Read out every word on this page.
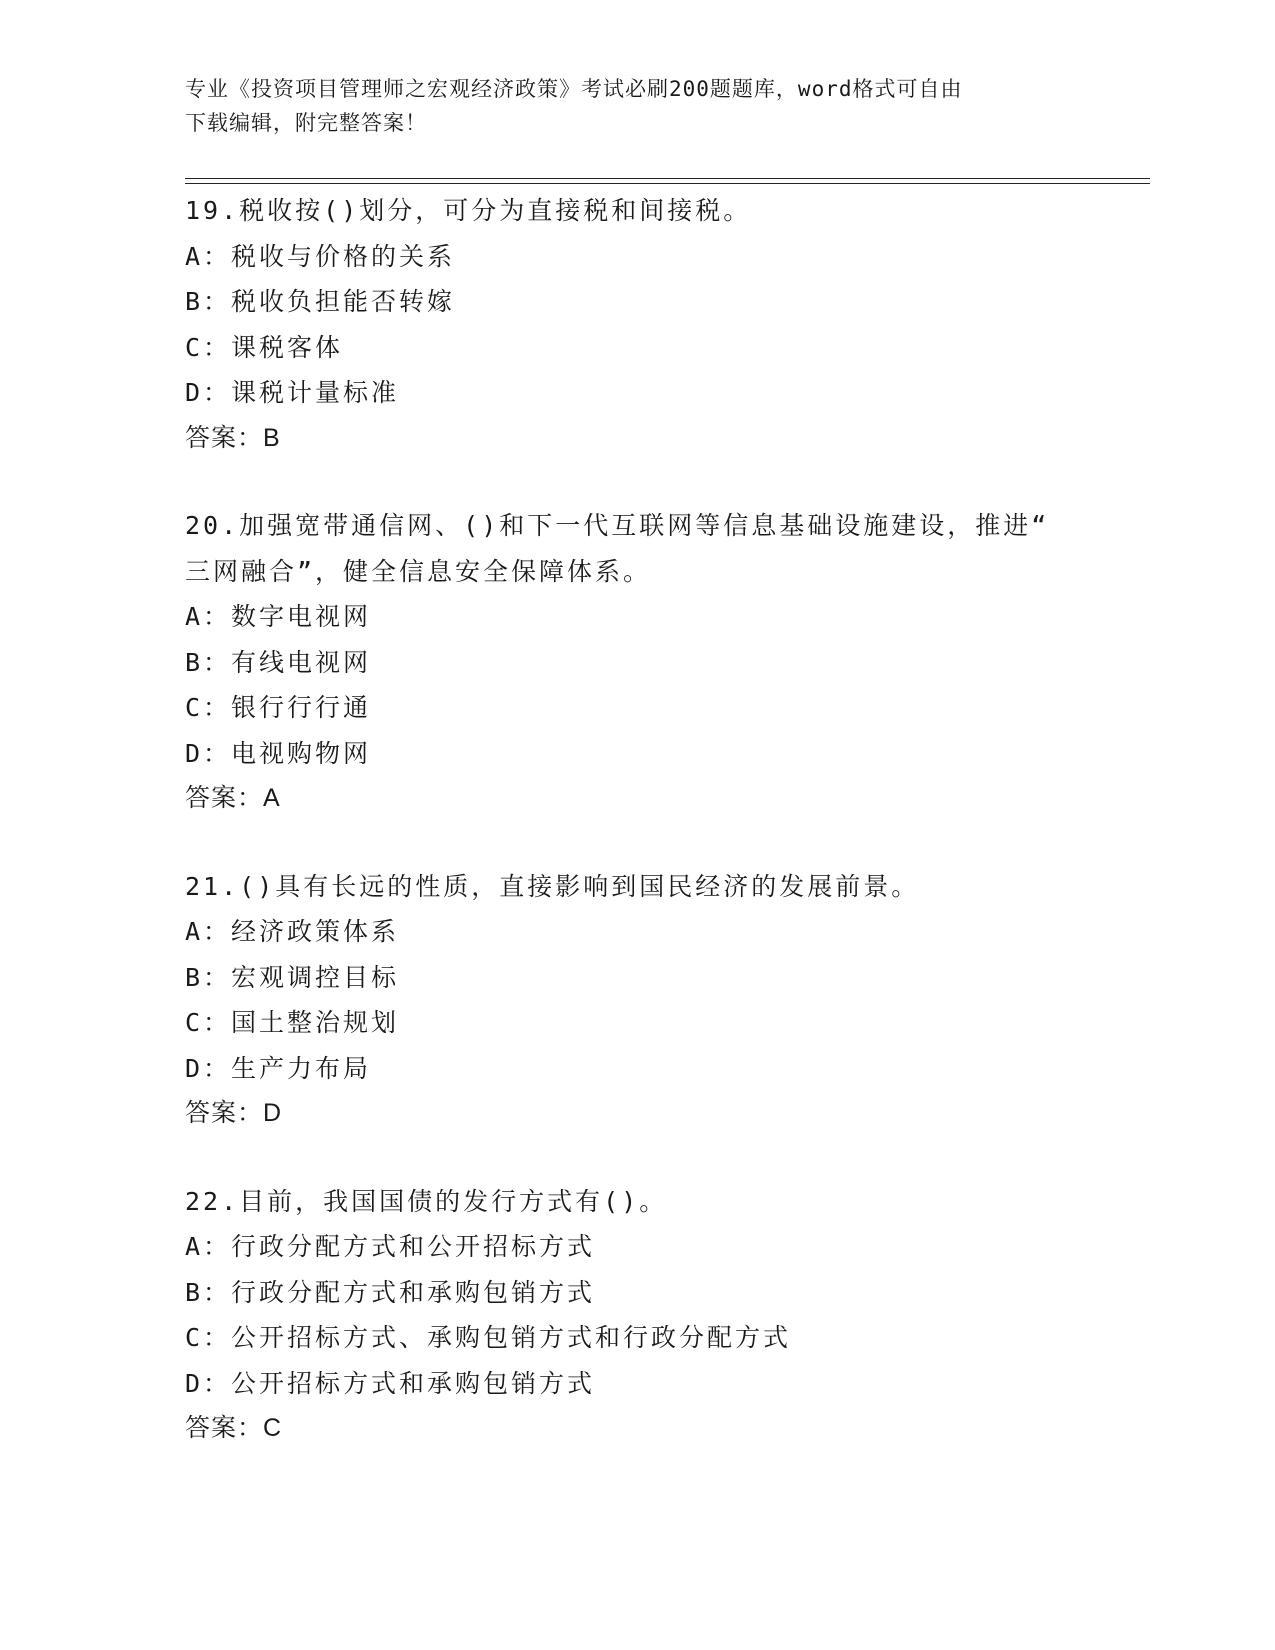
专业《投资项目管理师之宏观经济政策》考试必刷200题题库，word格式可自由
下载编辑，附完整答案！
19.税收按()划分，可分为直接税和间接税。
A：税收与价格的关系
B：税收负担能否转嫁
C：课税客体
D：课税计量标准
答案：B
20.加强宽带通信网、()和下一代互联网等信息基础设施建设，推进“
三网融合”，健全信息安全保障体系。
A：数字电视网
B：有线电视网
C：银行行行通
D：电视购物网
答案：A
21.()具有长远的性质，直接影响到国民经济的发展前景。
A：经济政策体系
B：宏观调控目标
C：国土整治规划
D：生产力布局
答案：D
22.目前，我国国债的发行方式有()。
A：行政分配方式和公开招标方式
B：行政分配方式和承购包销方式
C：公开招标方式、承购包销方式和行政分配方式
D：公开招标方式和承购包销方式
答案：C
